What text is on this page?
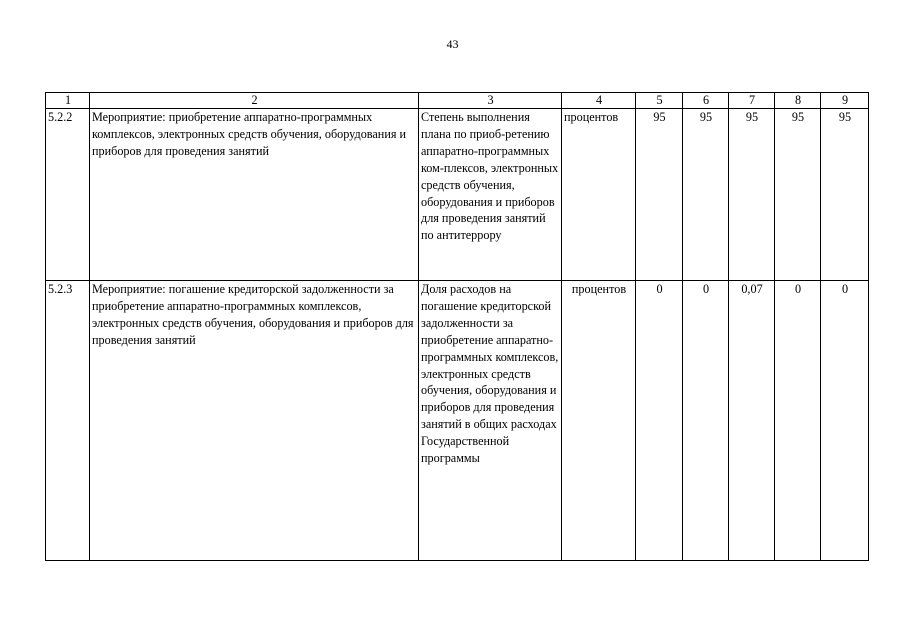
43
1	2	3	4	5	6	7	8	9
5.2.2	Мероприятие: приобретение аппаратно-программных комплексов, электронных средств обучения, оборудования и приборов для проведения занятий	Степень выполнения плана по приоб-ретению аппаратно-программных ком-плексов, электронных средств обучения, оборудования и приборов для проведения занятий по антитеррору	процентов	95	95	95	95	95
5.2.3	Мероприятие: погашение кредиторской задолженности за приобретение аппаратно-программных комплексов, электронных средств обучения, оборудования и приборов для проведения занятий	Доля расходов на погашение кредиторской задолженности за приобретение аппаратно-программных комплексов, электронных средств обучения, оборудования и приборов для проведения занятий в общих расходах Государственной программы	процентов	0	0	0,07	0	0
